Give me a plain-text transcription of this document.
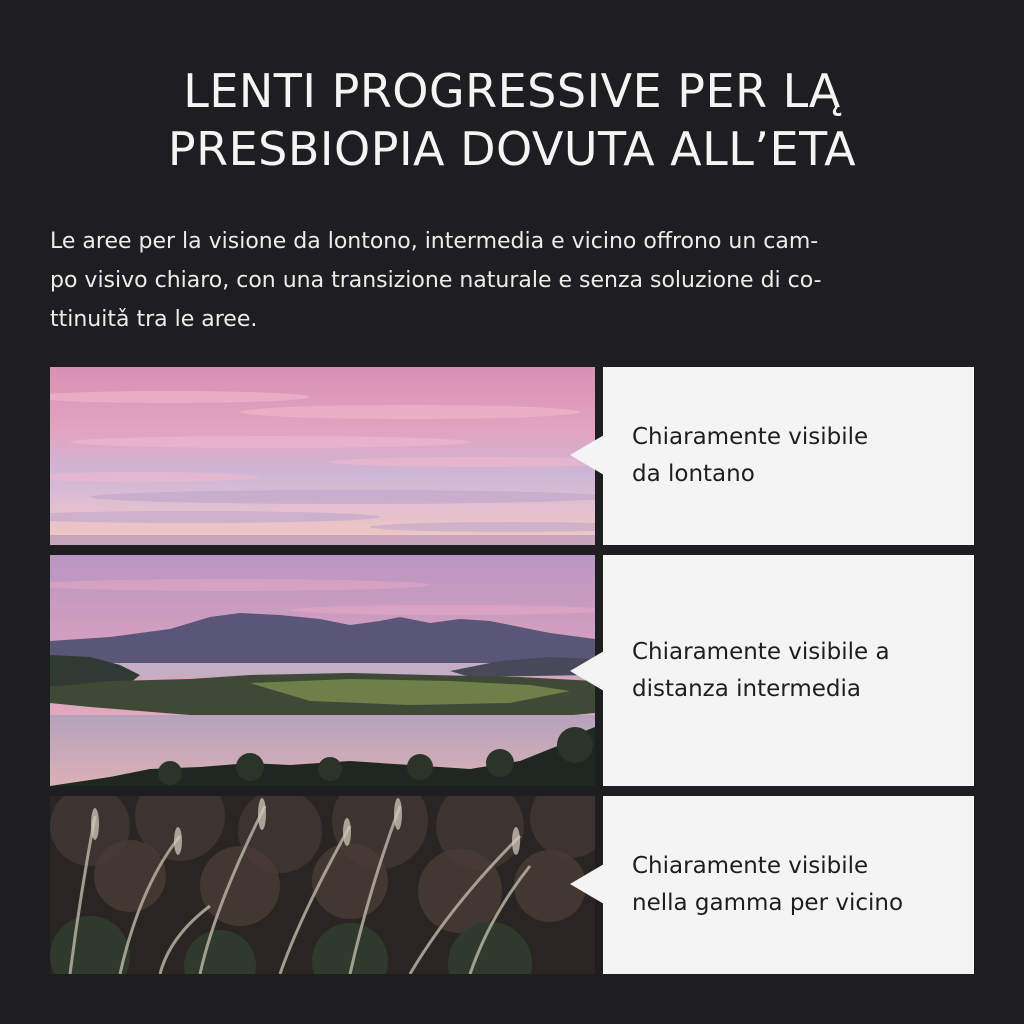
LENTI PROGRESSIVE PER LĄ
PRESBIOPIA DOVUTA ALL’ETA

Le aree per la visione da lontono, intermedia e vicino offrono un cam-
po visivo chiaro, con una transizione naturale e senza soluzione di co-
ttinuitǎ tra le aree.

Chiaramente visibile
da lontano
Chiaramente visibile a
distanza intermedia
Chiaramente visibile
nella gamma per vicino
